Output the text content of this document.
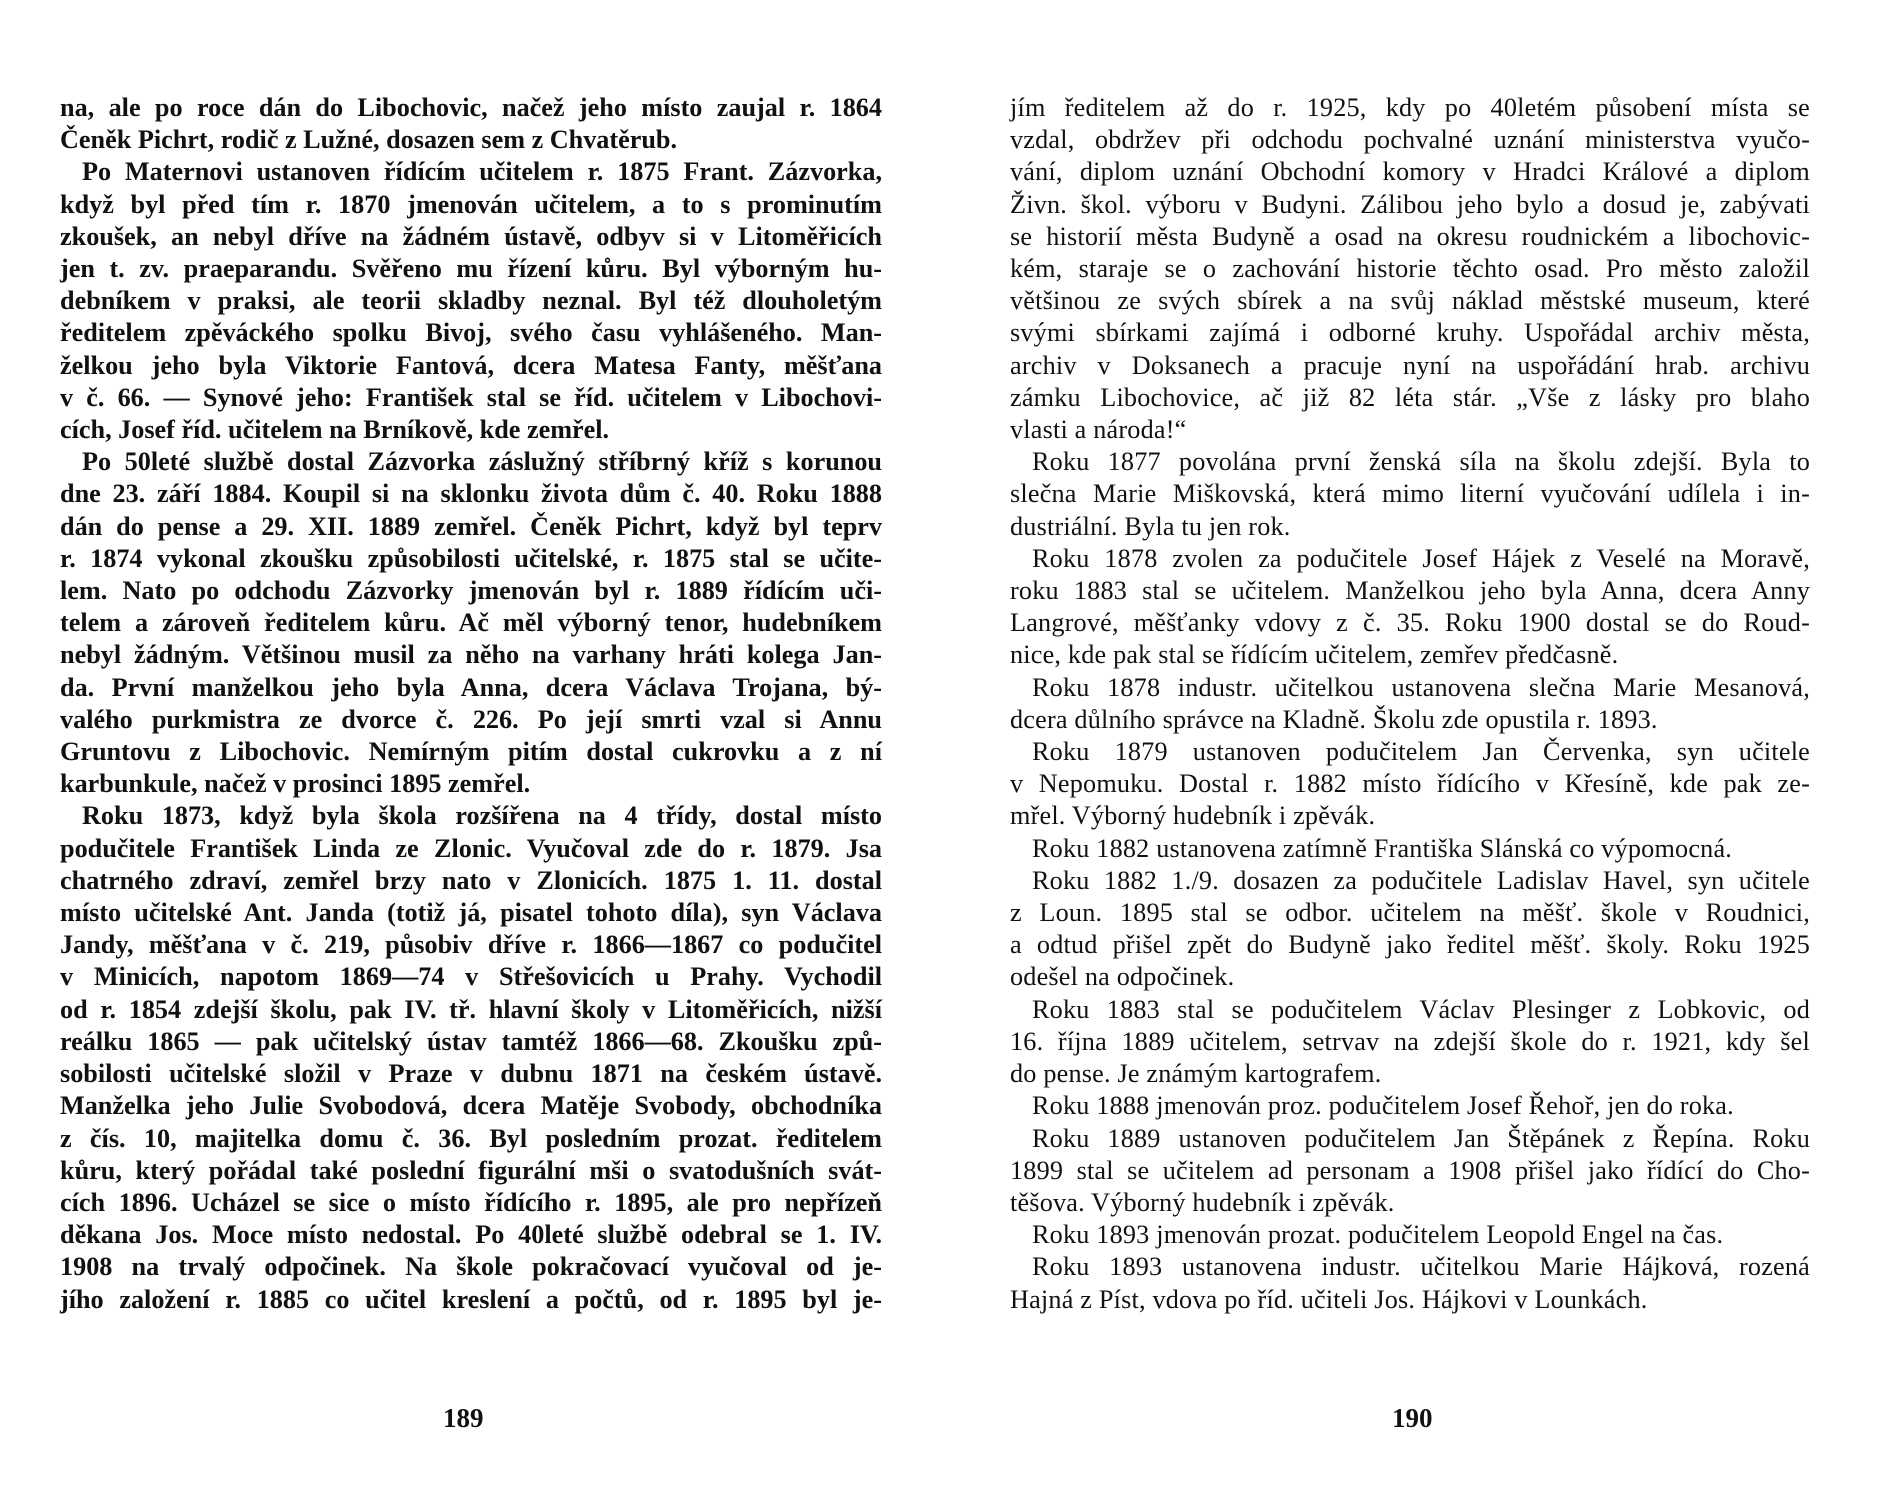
na, ale po roce dán do Libochovic, načež jeho místo zaujal r. 1864
Čeněk Pichrt, rodič z Lužné, dosazen sem z Chvatěrub.
Po Maternovi ustanoven řídícím učitelem r. 1875 Frant. Zázvorka,
když byl před tím r. 1870 jmenován učitelem, a to s prominutím
zkoušek, an nebyl dříve na žádném ústavě, odbyv si v Litoměřicích
jen t. zv. praeparandu. Svěřeno mu řízení kůru. Byl výborným hu-
debníkem v praksi, ale teorii skladby neznal. Byl též dlouholetým
ředitelem zpěváckého spolku Bivoj, svého času vyhlášeného. Man-
želkou jeho byla Viktorie Fantová, dcera Matesa Fanty, měšťana
v č. 66. — Synové jeho: František stal se říd. učitelem v Libochovi-
cích, Josef říd. učitelem na Brníkově, kde zemřel.
Po 50leté službě dostal Zázvorka záslužný stříbrný kříž s korunou
dne 23. září 1884. Koupil si na sklonku života dům č. 40. Roku 1888
dán do pense a 29. XII. 1889 zemřel. Čeněk Pichrt, když byl teprv
r. 1874 vykonal zkoušku způsobilosti učitelské, r. 1875 stal se učite-
lem. Nato po odchodu Zázvorky jmenován byl r. 1889 řídícím uči-
telem a zároveň ředitelem kůru. Ač měl výborný tenor, hudebníkem
nebyl žádným. Většinou musil za něho na varhany hráti kolega Jan-
da. První manželkou jeho byla Anna, dcera Václava Trojana, bý-
valého purkmistra ze dvorce č. 226. Po její smrti vzal si Annu
Gruntovu z Libochovic. Nemírným pitím dostal cukrovku a z ní
karbunkule, načež v prosinci 1895 zemřel.
Roku 1873, když byla škola rozšířena na 4 třídy, dostal místo
podučitele František Linda ze Zlonic. Vyučoval zde do r. 1879. Jsa
chatrného zdraví, zemřel brzy nato v Zlonicích. 1875 1. 11. dostal
místo učitelské Ant. Janda (totiž já, pisatel tohoto díla), syn Václava
Jandy, měšťana v č. 219, působiv dříve r. 1866—1867 co podučitel
v Minicích, napotom 1869—74 v Střešovicích u Prahy. Vychodil
od r. 1854 zdejší školu, pak IV. tř. hlavní školy v Litoměřicích, nižší
reálku 1865 — pak učitelský ústav tamtéž 1866—68. Zkoušku způ-
sobilosti učitelské složil v Praze v dubnu 1871 na českém ústavě.
Manželka jeho Julie Svobodová, dcera Matěje Svobody, obchodníka
z čís. 10, majitelka domu č. 36. Byl posledním prozat. ředitelem
kůru, který pořádal také poslední figurální mši o svatodušních svát-
cích 1896. Ucházel se sice o místo řídícího r. 1895, ale pro nepřízeň
děkana Jos. Moce místo nedostal. Po 40leté službě odebral se 1. IV.
1908 na trvalý odpočinek. Na škole pokračovací vyučoval od je-
jího založení r. 1885 co učitel kreslení a počtů, od r. 1895 byl je-
jím ředitelem až do r. 1925, kdy po 40letém působení místa se
vzdal, obdržev při odchodu pochvalné uznání ministerstva vyučo-
vání, diplom uznání Obchodní komory v Hradci Králové a diplom
Živn. škol. výboru v Budyni. Zálibou jeho bylo a dosud je, zabývati
se historií města Budyně a osad na okresu roudnickém a libochovic-
kém, staraje se o zachování historie těchto osad. Pro město založil
většinou ze svých sbírek a na svůj náklad městské museum, které
svými sbírkami zajímá i odborné kruhy. Uspořádal archiv města,
archiv v Doksanech a pracuje nyní na uspořádání hrab. archivu
zámku Libochovice, ač již 82 léta stár. „Vše z lásky pro blaho
vlasti a národa!“
Roku 1877 povolána první ženská síla na školu zdejší. Byla to
slečna Marie Miškovská, která mimo literní vyučování udílela i in-
dustriální. Byla tu jen rok.
Roku 1878 zvolen za podučitele Josef Hájek z Veselé na Moravě,
roku 1883 stal se učitelem. Manželkou jeho byla Anna, dcera Anny
Langrové, měšťanky vdovy z č. 35. Roku 1900 dostal se do Roud-
nice, kde pak stal se řídícím učitelem, zemřev předčasně.
Roku 1878 industr. učitelkou ustanovena slečna Marie Mesanová,
dcera důlního správce na Kladně. Školu zde opustila r. 1893.
Roku 1879 ustanoven podučitelem Jan Červenka, syn učitele
v Nepomuku. Dostal r. 1882 místo řídícího v Křesíně, kde pak ze-
mřel. Výborný hudebník i zpěvák.
Roku 1882 ustanovena zatímně Františka Slánská co výpomocná.
Roku 1882 1./9. dosazen za podučitele Ladislav Havel, syn učitele
z Loun. 1895 stal se odbor. učitelem na měšť. škole v Roudnici,
a odtud přišel zpět do Budyně jako ředitel měšť. školy. Roku 1925
odešel na odpočinek.
Roku 1883 stal se podučitelem Václav Plesinger z Lobkovic, od
16. října 1889 učitelem, setrvav na zdejší škole do r. 1921, kdy šel
do pense. Je známým kartografem.
Roku 1888 jmenován proz. podučitelem Josef Řehoř, jen do roka.
Roku 1889 ustanoven podučitelem Jan Štěpánek z Řepína. Roku
1899 stal se učitelem ad personam a 1908 přišel jako řídící do Cho-
těšova. Výborný hudebník i zpěvák.
Roku 1893 jmenován prozat. podučitelem Leopold Engel na čas.
Roku 1893 ustanovena industr. učitelkou Marie Hájková, rozená
Hajná z Píst, vdova po říd. učiteli Jos. Hájkovi v Lounkách.
189	190
